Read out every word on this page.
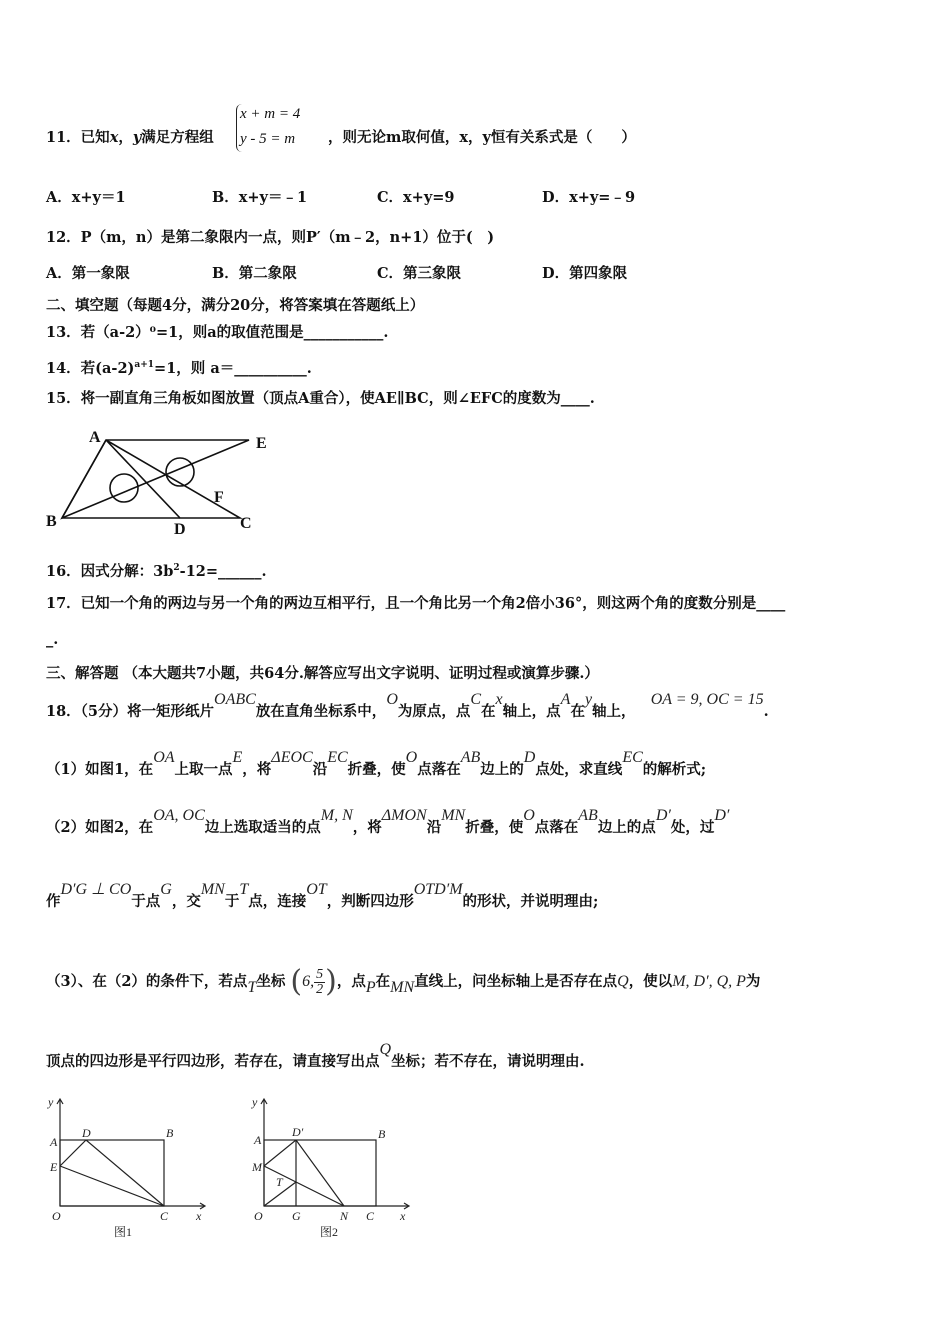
11．已知x，y满足方程组
x + m = 4
y - 5 = m	，则无论m取何值，x，y恒有关系式是（　　）
A．x+y＝1	B．x+y＝﹣1	C．x+y=9	D．x+y=﹣9
12．P（m，n）是第二象限内一点，则P′（m﹣2，n+1）位于(　)
A．第一象限	B．第二象限	C．第三象限	D．第四象限
二、填空题（每题4分，满分20分，将答案填在答题纸上）
13．若（a-2）⁰=1，则a的取值范围是___________.
14．若$(a-2)^{a+1}=1$，则 a＝__________.
15．将一副直角三角板如图放置（顶点A重合），使AE∥BC，则∠EFC的度数为____.
A	E
B	D	C
F
16．因式分解：$3b^2-12=\_\_\_\_\_\_$.
17．已知一个角的两边与另一个角的两边互相平行，且一个角比另一个角2倍小36°，则这两个角的度数分别是____
_.
三、解答题 （本大题共7小题，共64分.解答应写出文字说明、证明过程或演算步骤.）
18．（5分）将一矩形纸片OABC放在直角坐标系中，O为原点，点C在x轴上，点A在y轴上，   OA = 9, OC = 15.
（1）如图1，在OA上取一点E，将ΔEOC沿EC折叠，使O点落在AB边上的D点处，求直线EC的解析式;
（2）如图2，在OA, OC边上选取适当的点M, N，将ΔMON沿MN折叠，使O点落在AB边上的点D′处，过D′
作D′G ⊥ CO于点G，交MN于T点，连接OT，判断四边形OTD′M的形状，并说明理由;
（3）、在（2）的条件下，若点T坐标 (6, $\frac{5}{2}$ )，点P在MN直线上，问坐标轴上是否存在点Q，使以M, D′, Q, P为
顶点的四边形是平行四边形，若存在，请直接写出点Q坐标；若不存在，请说明理由.
y
A
D	B
E
O	C x
图1
y
A
D′	B
M
T
O G	N C x
图2
